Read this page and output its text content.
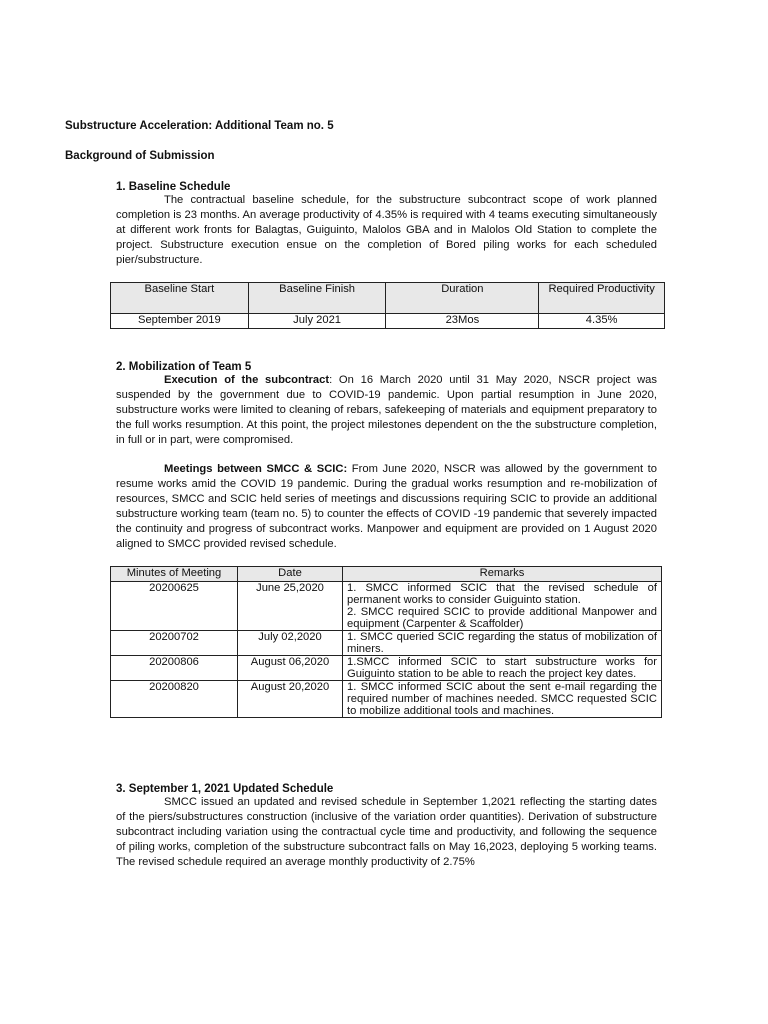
Substructure Acceleration: Additional Team no. 5
Background of Submission
1. Baseline Schedule
The contractual baseline schedule, for the substructure subcontract scope of work planned completion is 23 months. An average productivity of 4.35% is required with 4 teams executing simultaneously at different work fronts for Balagtas, Guiguinto, Malolos GBA and in Malolos Old Station to complete the project. Substructure execution ensue on the completion of Bored piling works for each scheduled pier/substructure.
Baseline Start	Baseline Finish	Duration	Required Productivity
September 2019	July 2021	23Mos	4.35%
2. Mobilization of Team 5
Execution of the subcontract: On 16 March 2020 until 31 May 2020, NSCR project was suspended by the government due to COVID-19 pandemic. Upon partial resumption in June 2020, substructure works were limited to cleaning of rebars, safekeeping of materials and equipment preparatory to the full works resumption. At this point, the project milestones dependent on the the substructure completion, in full or in part, were compromised.
Meetings between SMCC & SCIC: From June 2020, NSCR was allowed by the government to resume works amid the COVID 19 pandemic. During the gradual works resumption and re-mobilization of resources, SMCC and SCIC held series of meetings and discussions requiring SCIC to provide an additional substructure working team (team no. 5) to counter the effects of COVID -19 pandemic that severely impacted the continuity and progress of subcontract works. Manpower and equipment are provided on 1 August 2020 aligned to SMCC provided revised schedule.
Minutes of Meeting	Date	Remarks
20200625	June 25,2020	1. SMCC informed SCIC that the revised schedule of permanent works to consider Guiguinto station.
2. SMCC required SCIC to provide additional Manpower and equipment (Carpenter & Scaffolder)

20200702	July 02,2020	1. SMCC queried SCIC regarding the status of mobilization of miners.

20200806	August 06,2020	1.SMCC informed SCIC to start substructure works for Guiguinto station to be able to reach the project key dates.

20200820	August 20,2020	1. SMCC informed SCIC about the sent e-mail regarding the required number of machines needed. SMCC requested SCIC to mobilize additional tools and machines.
3. September 1, 2021 Updated Schedule
SMCC issued an updated and revised schedule in September 1,2021 reflecting the starting dates of the piers/substructures construction (inclusive of the variation order quantities). Derivation of substructure subcontract including variation using the contractual cycle time and productivity, and following the sequence of piling works, completion of the substructure subcontract falls on May 16,2023, deploying 5 working teams. The revised schedule required an average monthly productivity of 2.75%
